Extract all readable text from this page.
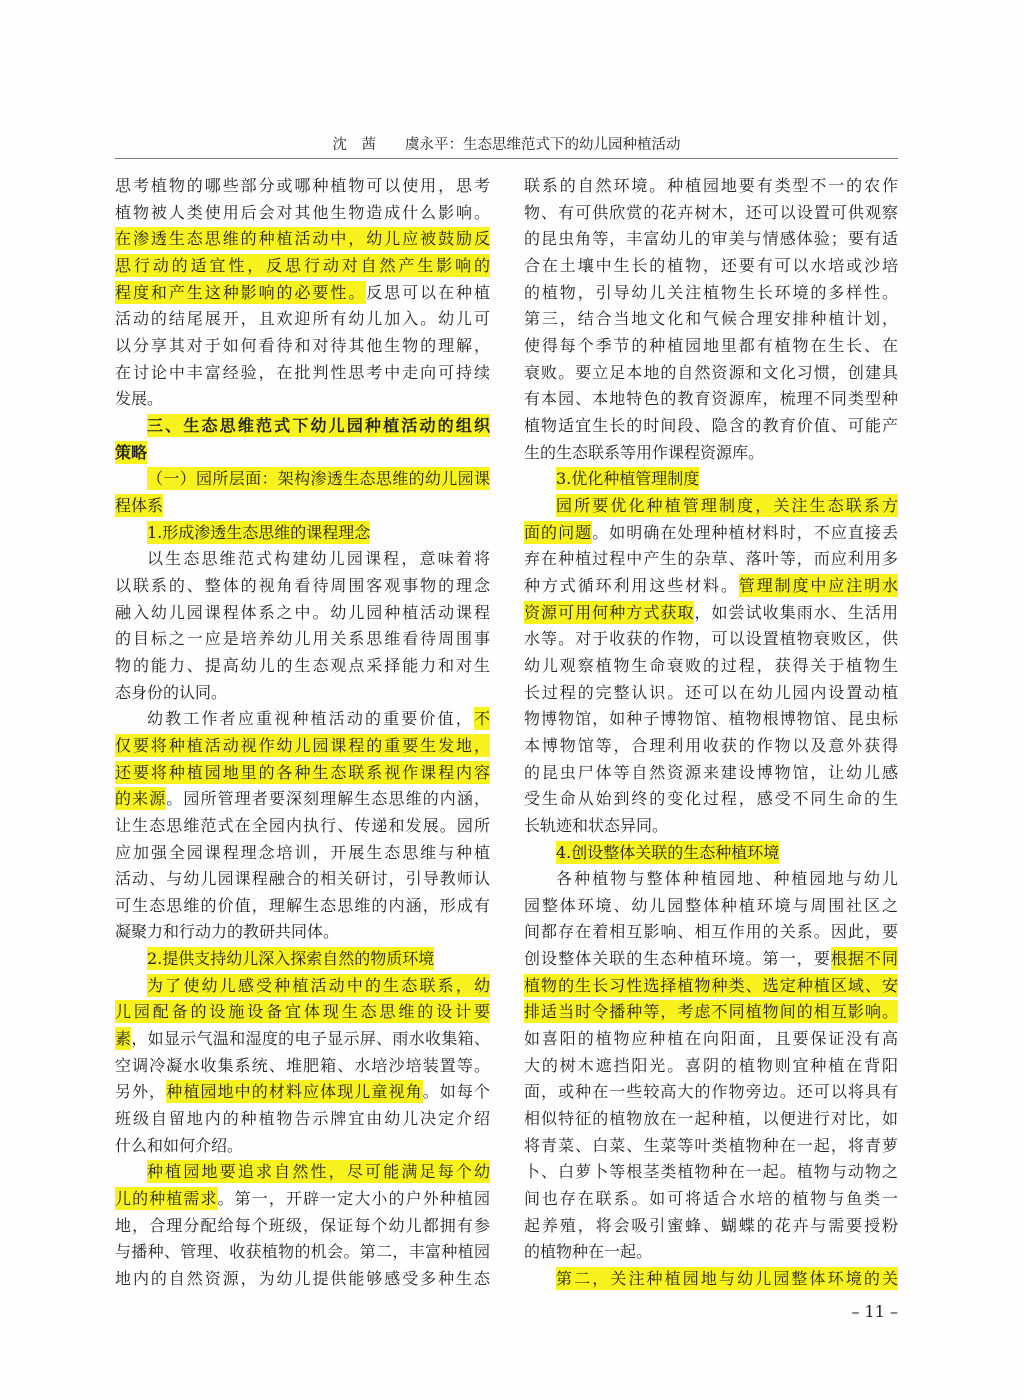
沈　茜　　虞永平：生态思维范式下的幼儿园种植活动
思考植物的哪些部分或哪种植物可以使用，思考
植物被人类使用后会对其他生物造成什么影响。
在渗透生态思维的种植活动中，幼儿应被鼓励反
思行动的适宜性，反思行动对自然产生影响的
程度和产生这种影响的必要性。反思可以在种植
活动的结尾展开，且欢迎所有幼儿加入。幼儿可
以分享其对于如何看待和对待其他生物的理解，
在讨论中丰富经验，在批判性思考中走向可持续
发展。
三、生态思维范式下幼儿园种植活动的组织
策略
（一）园所层面：架构渗透生态思维的幼儿园课
程体系
1.形成渗透生态思维的课程理念
以生态思维范式构建幼儿园课程，意味着将
以联系的、整体的视角看待周围客观事物的理念
融入幼儿园课程体系之中。幼儿园种植活动课程
的目标之一应是培养幼儿用关系思维看待周围事
物的能力、提高幼儿的生态观点采择能力和对生
态身份的认同。
幼教工作者应重视种植活动的重要价值，不
仅要将种植活动视作幼儿园课程的重要生发地，
还要将种植园地里的各种生态联系视作课程内容
的来源。园所管理者要深刻理解生态思维的内涵，
让生态思维范式在全园内执行、传递和发展。园所
应加强全园课程理念培训，开展生态思维与种植
活动、与幼儿园课程融合的相关研讨，引导教师认
可生态思维的价值，理解生态思维的内涵，形成有
凝聚力和行动力的教研共同体。
2.提供支持幼儿深入探索自然的物质环境
为了使幼儿感受种植活动中的生态联系，幼
儿园配备的设施设备宜体现生态思维的设计要
素，如显示气温和湿度的电子显示屏、雨水收集箱、
空调冷凝水收集系统、堆肥箱、水培沙培装置等。
另外，种植园地中的材料应体现儿童视角。如每个
班级自留地内的种植物告示牌宜由幼儿决定介绍
什么和如何介绍。
种植园地要追求自然性，尽可能满足每个幼
儿的种植需求。第一，开辟一定大小的户外种植园
地，合理分配给每个班级，保证每个幼儿都拥有参
与播种、管理、收获植物的机会。第二，丰富种植园
地内的自然资源，为幼儿提供能够感受多种生态
联系的自然环境。种植园地要有类型不一的农作
物、有可供欣赏的花卉树木，还可以设置可供观察
的昆虫角等，丰富幼儿的审美与情感体验；要有适
合在土壤中生长的植物，还要有可以水培或沙培
的植物，引导幼儿关注植物生长环境的多样性。
第三，结合当地文化和气候合理安排种植计划，
使得每个季节的种植园地里都有植物在生长、在
衰败。要立足本地的自然资源和文化习惯，创建具
有本园、本地特色的教育资源库，梳理不同类型种
植物适宜生长的时间段、隐含的教育价值、可能产
生的生态联系等用作课程资源库。
3.优化种植管理制度
园所要优化种植管理制度，关注生态联系方
面的问题。如明确在处理种植材料时，不应直接丢
弃在种植过程中产生的杂草、落叶等，而应利用多
种方式循环利用这些材料。管理制度中应注明水
资源可用何种方式获取，如尝试收集雨水、生活用
水等。对于收获的作物，可以设置植物衰败区，供
幼儿观察植物生命衰败的过程，获得关于植物生
长过程的完整认识。还可以在幼儿园内设置动植
物博物馆，如种子博物馆、植物根博物馆、昆虫标
本博物馆等，合理利用收获的作物以及意外获得
的昆虫尸体等自然资源来建设博物馆，让幼儿感
受生命从始到终的变化过程，感受不同生命的生
长轨迹和状态异同。
4.创设整体关联的生态种植环境
各种植物与整体种植园地、种植园地与幼儿
园整体环境、幼儿园整体种植环境与周围社区之
间都存在着相互影响、相互作用的关系。因此，要
创设整体关联的生态种植环境。第一，要根据不同
植物的生长习性选择植物种类、选定种植区域、安
排适当时令播种等，考虑不同植物间的相互影响。
如喜阳的植物应种植在向阳面，且要保证没有高
大的树木遮挡阳光。喜阴的植物则宜种植在背阳
面，或种在一些较高大的作物旁边。还可以将具有
相似特征的植物放在一起种植，以便进行对比，如
将青菜、白菜、生菜等叶类植物种在一起，将青萝
卜、白萝卜等根茎类植物种在一起。植物与动物之
间也存在联系。如可将适合水培的植物与鱼类一
起养殖，将会吸引蜜蜂、蝴蝶的花卉与需要授粉
的植物种在一起。
第二，关注种植园地与幼儿园整体环境的关
– 11 –
